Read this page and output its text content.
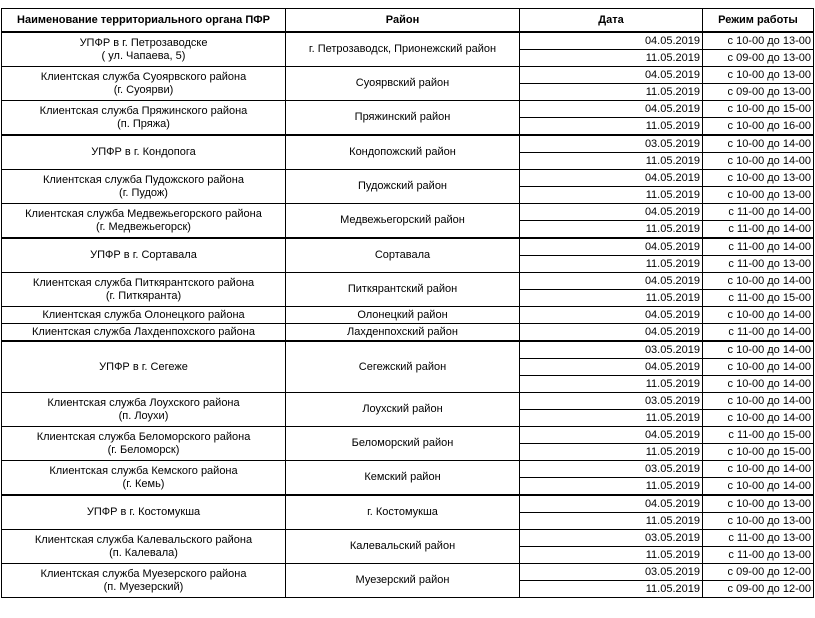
Наименование территориального органа ПФР	Район	Дата	Режим работы

УПФР в г. Петрозаводске
( ул. Чапаева, 5)	г. Петрозаводск, Прионежский район	04.05.2019	с 10-00 до 13-00
		11.05.2019	с 09-00 до 13-00

Клиентская служба Суоярвского района
(г. Суоярви)	Суоярвский район	04.05.2019	с 10-00 до 13-00
		11.05.2019	с 09-00 до 13-00

Клиентская служба Пряжинского района
(п. Пряжа)	Пряжинский район	04.05.2019	с 10-00 до 15-00
		11.05.2019	с 10-00 до 16-00

УПФР в г. Кондопога	Кондопожский район	03.05.2019	с 10-00 до 14-00
		11.05.2019	с 10-00 до 14-00

Клиентская служба Пудожского района
(г. Пудож)	Пудожский район	04.05.2019	с 10-00 до 13-00
		11.05.2019	с 10-00 до 13-00

Клиентская служба Медвежьегорского района
(г. Медвежьегорск)	Медвежьегорский район	04.05.2019	с 11-00 до 14-00
		11.05.2019	с 11-00 до 14-00

УПФР в г. Сортавала	Сортавала	04.05.2019	с 11-00 до 14-00
		11.05.2019	с 11-00 до 13-00

Клиентская служба Питкярантского района
(г. Питкяранта)	Питкярантский район	04.05.2019	с 10-00 до 14-00
		11.05.2019	с 11-00 до 15-00

Клиентская служба Олонецкого района	Олонецкий район	04.05.2019	с 10-00 до 14-00

Клиентская служба Лахденпохского района	Лахденпохский район	04.05.2019	с 11-00 до 14-00

УПФР в г. Сегеже	Сегежский район	03.05.2019	с 10-00 до 14-00
		04.05.2019	с 10-00 до 14-00
		11.05.2019	с 10-00 до 14-00

Клиентская служба Лоухского района
(п. Лоухи)	Лоухский район	03.05.2019	с 10-00 до 14-00
		11.05.2019	с 10-00 до 14-00

Клиентская служба Беломорского района
(г. Беломорск)	Беломорский район	04.05.2019	с 11-00 до 15-00
		11.05.2019	с 10-00 до 15-00

Клиентская служба Кемского района
(г. Кемь)	Кемский район	03.05.2019	с 10-00 до 14-00
		11.05.2019	с 10-00 до 14-00

УПФР в г. Костомукша	г. Костомукша	04.05.2019	с 10-00 до 13-00
		11.05.2019	с 10-00 до 13-00

Клиентская служба Калевальского района
(п. Калевала)	Калевальский район	03.05.2019	с 11-00 до 13-00
		11.05.2019	с 11-00 до 13-00

Клиентская служба Муезерского района
(п. Муезерский)	Муезерский район	03.05.2019	с 09-00 до 12-00
		11.05.2019	с 09-00 до 12-00
